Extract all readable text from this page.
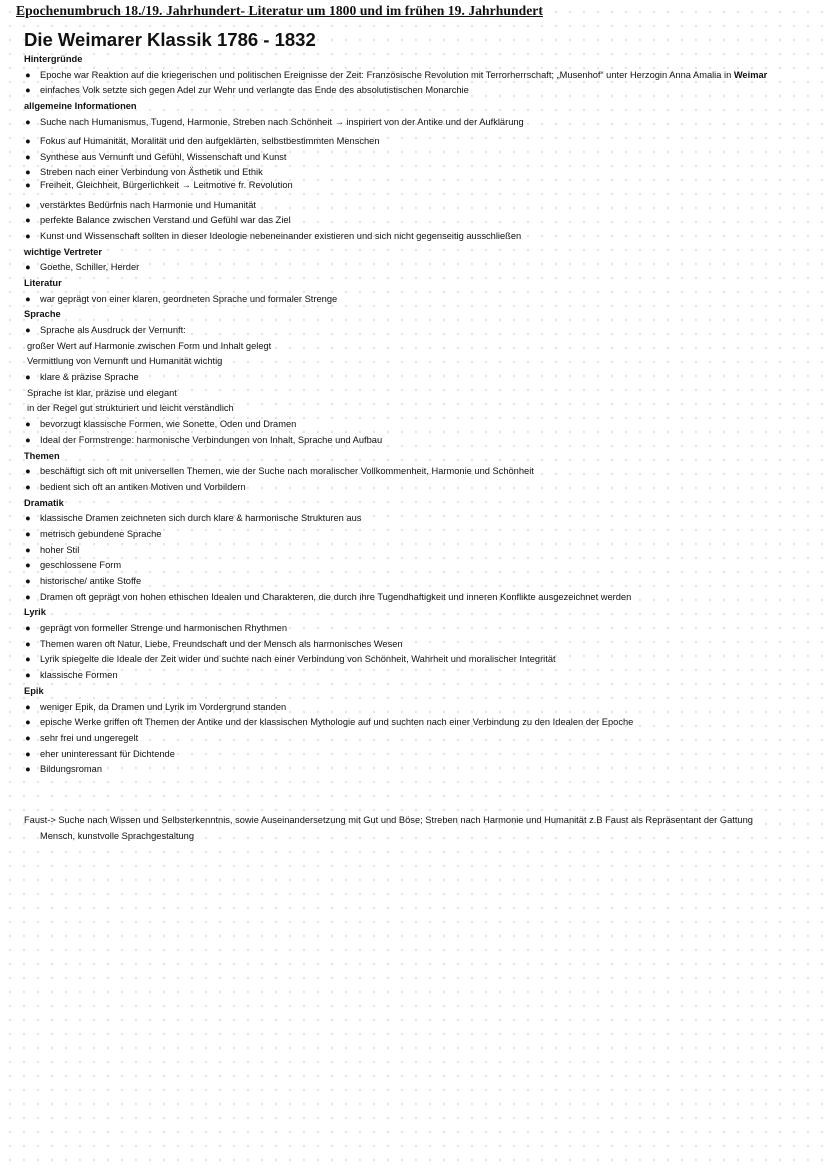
Epochenumbruch 18./19. Jahrhundert- Literatur um 1800 und im frühen 19. Jahrhundert
Die Weimarer Klassik 1786 - 1832
Hintergründe
● Epoche war Reaktion auf die kriegerischen und politischen Ereignisse der Zeit: Französische Revolution mit Terrorherrschaft; „Musenhof“ unter Herzogin Anna Amalia in Weimar
● einfaches Volk setzte sich gegen Adel zur Wehr und verlangte das Ende des absolutistischen Monarchie
allgemeine Informationen
● Suche nach Humanismus, Tugend, Harmonie, Streben nach Schönheit → inspiriert von der Antike und der Aufklärung
● Fokus auf Humanität, Moralität und den aufgeklärten, selbstbestimmten Menschen
● Synthese aus Vernunft und Gefühl, Wissenschaft und Kunst
● Streben nach einer Verbindung von Ästhetik und Ethik
● Freiheit, Gleichheit, Bürgerlichkeit → Leitmotive fr. Revolution
● verstärktes Bedürfnis nach Harmonie und Humanität
● perfekte Balance zwischen Verstand und Gefühl war das Ziel
● Kunst und Wissenschaft sollten in dieser Ideologie nebeneinander existieren und sich nicht gegenseitig ausschließen
wichtige Vertreter
● Goethe, Schiller, Herder
Literatur
● war geprägt von einer klaren, geordneten Sprache und formaler Strenge
Sprache
● Sprache als Ausdruck der Vernunft:
großer Wert auf Harmonie zwischen Form und Inhalt gelegt
Vermittlung von Vernunft und Humanität wichtig
● klare & präzise Sprache
Sprache ist klar, präzise und elegant
in der Regel gut strukturiert und leicht verständlich
● bevorzugt klassische Formen, wie Sonette, Oden und Dramen
● Ideal der Formstrenge: harmonische Verbindungen von Inhalt, Sprache und Aufbau
Themen
● beschäftigt sich oft mit universellen Themen, wie der Suche nach moralischer Vollkommenheit, Harmonie und Schönheit
● bedient sich oft an antiken Motiven und Vorbildern
Dramatik
● klassische Dramen zeichneten sich durch klare & harmonische Strukturen aus
● metrisch gebundene Sprache
● hoher Stil
● geschlossene Form
● historische/ antike Stoffe
● Dramen oft geprägt von hohen ethischen Idealen und Charakteren, die durch ihre Tugendhaftigkeit und inneren Konflikte ausgezeichnet werden
Lyrik
● geprägt von formeller Strenge und harmonischen Rhythmen
● Themen waren oft Natur, Liebe, Freundschaft und der Mensch als harmonisches Wesen
● Lyrik spiegelte die Ideale der Zeit wider und suchte nach einer Verbindung von Schönheit, Wahrheit und moralischer Integrität
● klassische Formen
Epik
● weniger Epik, da Dramen und Lyrik im Vordergrund standen
● epische Werke griffen oft Themen der Antike und der klassischen Mythologie auf und suchten nach einer Verbindung zu den Idealen der Epoche
● sehr frei und ungeregelt
● eher uninteressant für Dichtende
● Bildungsroman
Faust-> Suche nach Wissen und Selbsterkenntnis, sowie Auseinandersetzung mit Gut und Böse; Streben nach Harmonie und Humanität z.B Faust als Repräsentant der Gattung
Mensch, kunstvolle Sprachgestaltung
